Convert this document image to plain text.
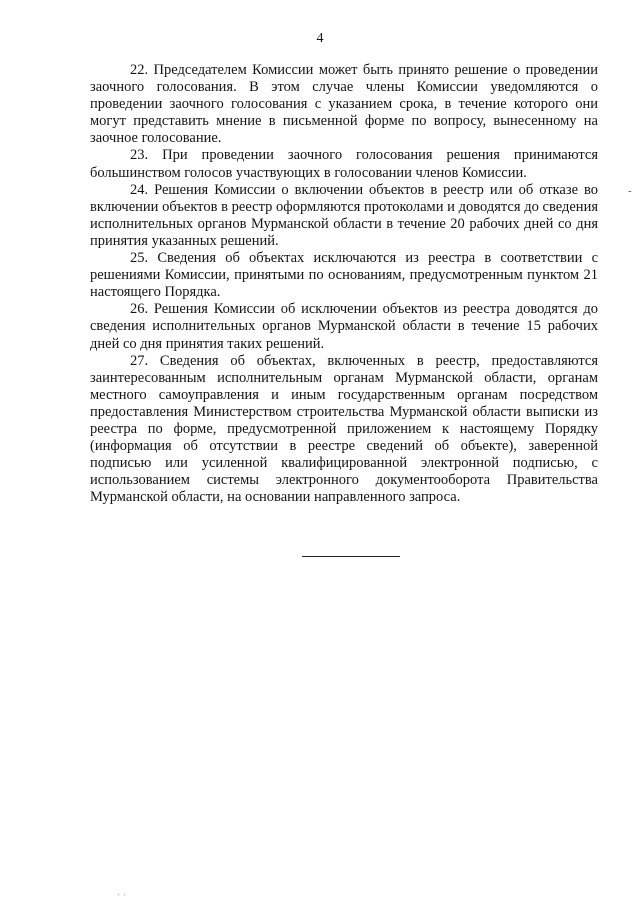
4

22. Председателем Комиссии может быть принято решение о проведении заочного голосования. В этом случае члены Комиссии уведомляются о проведении заочного голосования с указанием срока, в течение которого они могут представить мнение в письменной форме по вопросу, вынесенному на заочное голосование.

23. При проведении заочного голосования решения принимаются большинством голосов участвующих в голосовании членов Комиссии.

24. Решения Комиссии о включении объектов в реестр или об отказе во включении объектов в реестр оформляются протоколами и доводятся до сведения исполнительных органов Мурманской области в течение 20 рабочих дней со дня принятия указанных решений.

25. Сведения об объектах исключаются из реестра в соответствии с решениями Комиссии, принятыми по основаниям, предусмотренным пунктом 21 настоящего Порядка.

26. Решения Комиссии об исключении объектов из реестра доводятся до сведения исполнительных органов Мурманской области в течение 15 рабочих дней со дня принятия таких решений.

27. Сведения об объектах, включенных в реестр, предоставляются заинтересованным исполнительным органам Мурманской области, органам местного самоуправления и иным государственным органам посредством предоставления Министерством строительства Мурманской области выписки из реестра по форме, предусмотренной приложением к настоящему Порядку (информация об отсутствии в реестре сведений об объекте), заверенной подписью или усиленной квалифицированной электронной подписью, с использованием системы электронного документооборота Правительства Мурманской области, на основании направленного запроса.

-
' '
